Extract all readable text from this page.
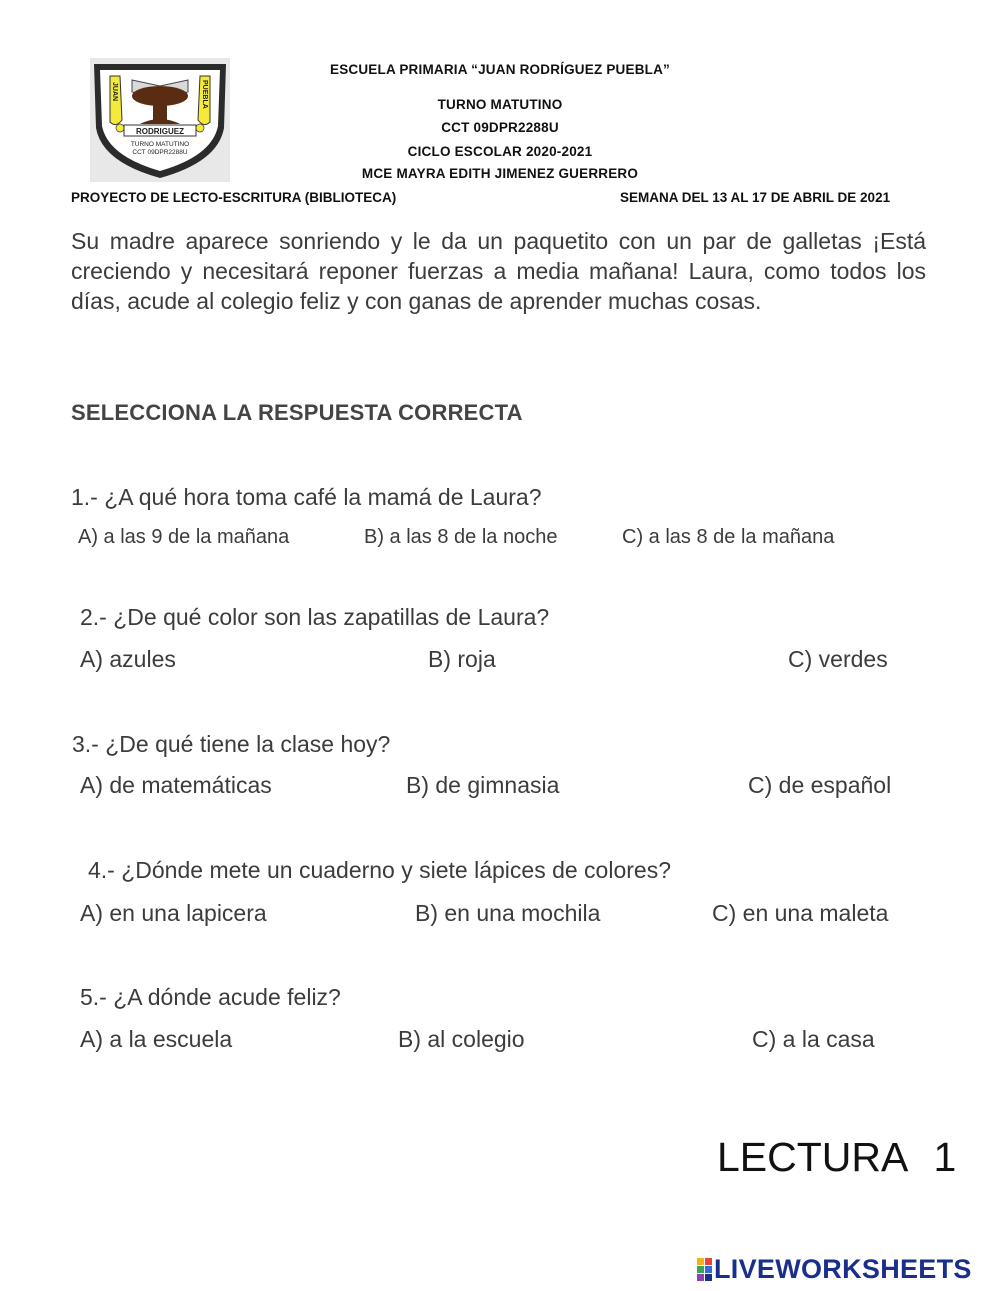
JUAN	PUEBLA
RODRIGUEZ
TURNO MATUTINO
CCT 09DPR2288U
ESCUELA PRIMARIA “JUAN RODRÍGUEZ PUEBLA”
TURNO MATUTINO
CCT 09DPR2288U
CICLO ESCOLAR 2020-2021
MCE MAYRA EDITH JIMENEZ GUERRERO
PROYECTO DE LECTO-ESCRITURA (BIBLIOTECA)	SEMANA DEL 13 AL 17 DE ABRIL DE 2021

Su madre aparece sonriendo y le da un paquetito con un par de galletas ¡Está creciendo y necesitará reponer fuerzas a media mañana! Laura, como todos los días, acude al colegio feliz y con ganas de aprender muchas cosas.

SELECCIONA LA RESPUESTA CORRECTA
1.- ¿A qué hora toma café la mamá de Laura?
A) a las 9 de la mañana	B) a las 8 de la noche	C) a las 8 de la mañana
2.- ¿De qué color son las zapatillas de Laura?
A) azules	B) roja	C) verdes
3.- ¿De qué tiene la clase hoy?
A) de matemáticas	B) de gimnasia	C) de español
4.- ¿Dónde mete un cuaderno y siete lápices de colores?
A) en una lapicera	B) en una mochila	C) en una maleta
5.- ¿A dónde acude feliz?
A) a la escuela	B) al colegio	C) a la casa
LECTURA 1
LIVEWORKSHEETS
